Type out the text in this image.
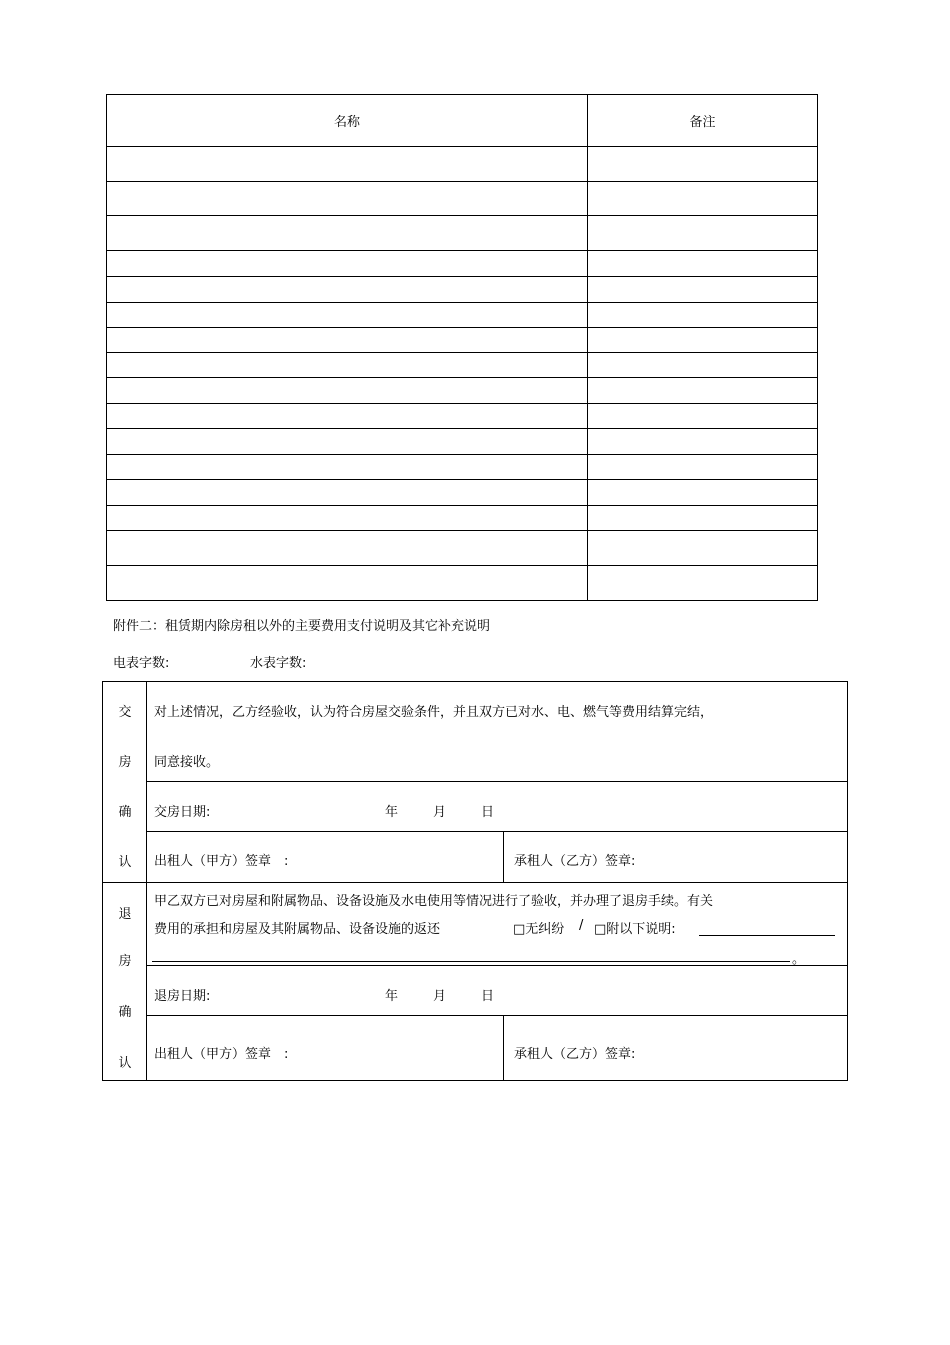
名称	备注

附件二：租赁期内除房租以外的主要费用支付说明及其它补充说明
电表字数:	水表字数:
交
房
确
认
对上述情况，乙方经验收，认为符合房屋交验条件，并且双方已对水、电、燃气等费用结算完结，
同意接收。
交房日期:	年	月	日
出租人（甲方）签章　:	承租人（乙方）签章:
退
房
确
认
甲乙双方已对房屋和附属物品、设备设施及水电使用等情况进行了验收，并办理了退房手续。有关
费用的承担和房屋及其附属物品、设备设施的返还	□无纠纷 / □附以下说明:
。
退房日期:	年	月	日
出租人（甲方）签章　:	承租人（乙方）签章:
